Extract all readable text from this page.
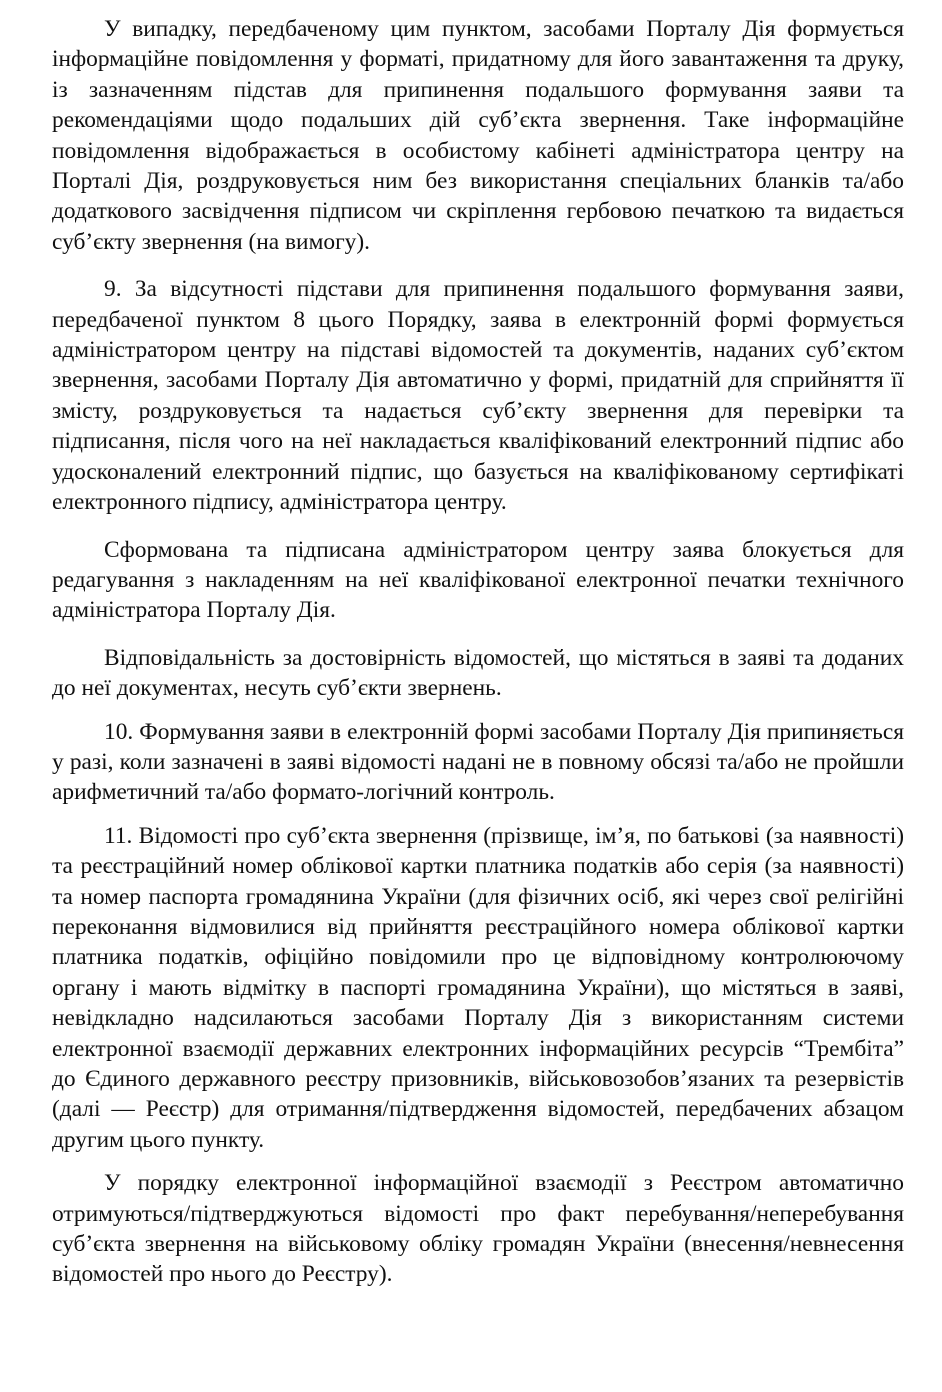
У випадку, передбаченому цим пунктом, засобами Порталу Дія формується інформаційне повідомлення у форматі, придатному для його завантаження та друку, із зазначенням підстав для припинення подальшого формування заяви та рекомендаціями щодо подальших дій суб’єкта звернення. Таке інформаційне повідомлення відображається в особистому кабінеті адміністратора центру на Порталі Дія, роздруковується ним без використання спеціальних бланків та/або додаткового засвідчення підписом чи скріплення гербовою печаткою та видається суб’єкту звернення (на вимогу).

9. За відсутності підстави для припинення подальшого формування заяви, передбаченої пунктом 8 цього Порядку, заява в електронній формі формується адміністратором центру на підставі відомостей та документів, наданих суб’єктом звернення, засобами Порталу Дія автоматично у формі, придатній для сприйняття її змісту, роздруковується та надається суб’єкту звернення для перевірки та підписання, після чого на неї накладається кваліфікований електронний підпис або удосконалений електронний підпис, що базується на кваліфікованому сертифікаті електронного підпису, адміністратора центру.

Сформована та підписана адміністратором центру заява блокується для редагування з накладенням на неї кваліфікованої електронної печатки технічного адміністратора Порталу Дія.

Відповідальність за достовірність відомостей, що містяться в заяві та доданих до неї документах, несуть суб’єкти звернень.

10. Формування заяви в електронній формі засобами Порталу Дія припиняється у разі, коли зазначені в заяві відомості надані не в повному обсязі та/або не пройшли арифметичний та/або формато-логічний контроль.

11. Відомості про суб’єкта звернення (прізвище, ім’я, по батькові (за наявності) та реєстраційний номер облікової картки платника податків або серія (за наявності) та номер паспорта громадянина України (для фізичних осіб, які через свої релігійні переконання відмовилися від прийняття реєстраційного номера облікової картки платника податків, офіційно повідомили про це відповідному контролюючому органу і мають відмітку в паспорті громадянина України), що містяться в заяві, невідкладно надсилаються засобами Порталу Дія з використанням системи електронної взаємодії державних електронних інформаційних ресурсів “Трембіта” до Єдиного державного реєстру призовників, військовозобов’язаних та резервістів (далі — Реєстр) для отримання/підтвердження відомостей, передбачених абзацом другим цього пункту.

У порядку електронної інформаційної взаємодії з Реєстром автоматично отримуються/підтверджуються відомості про факт перебування/неперебування суб’єкта звернення на військовому обліку громадян України (внесення/невнесення відомостей про нього до Реєстру).
